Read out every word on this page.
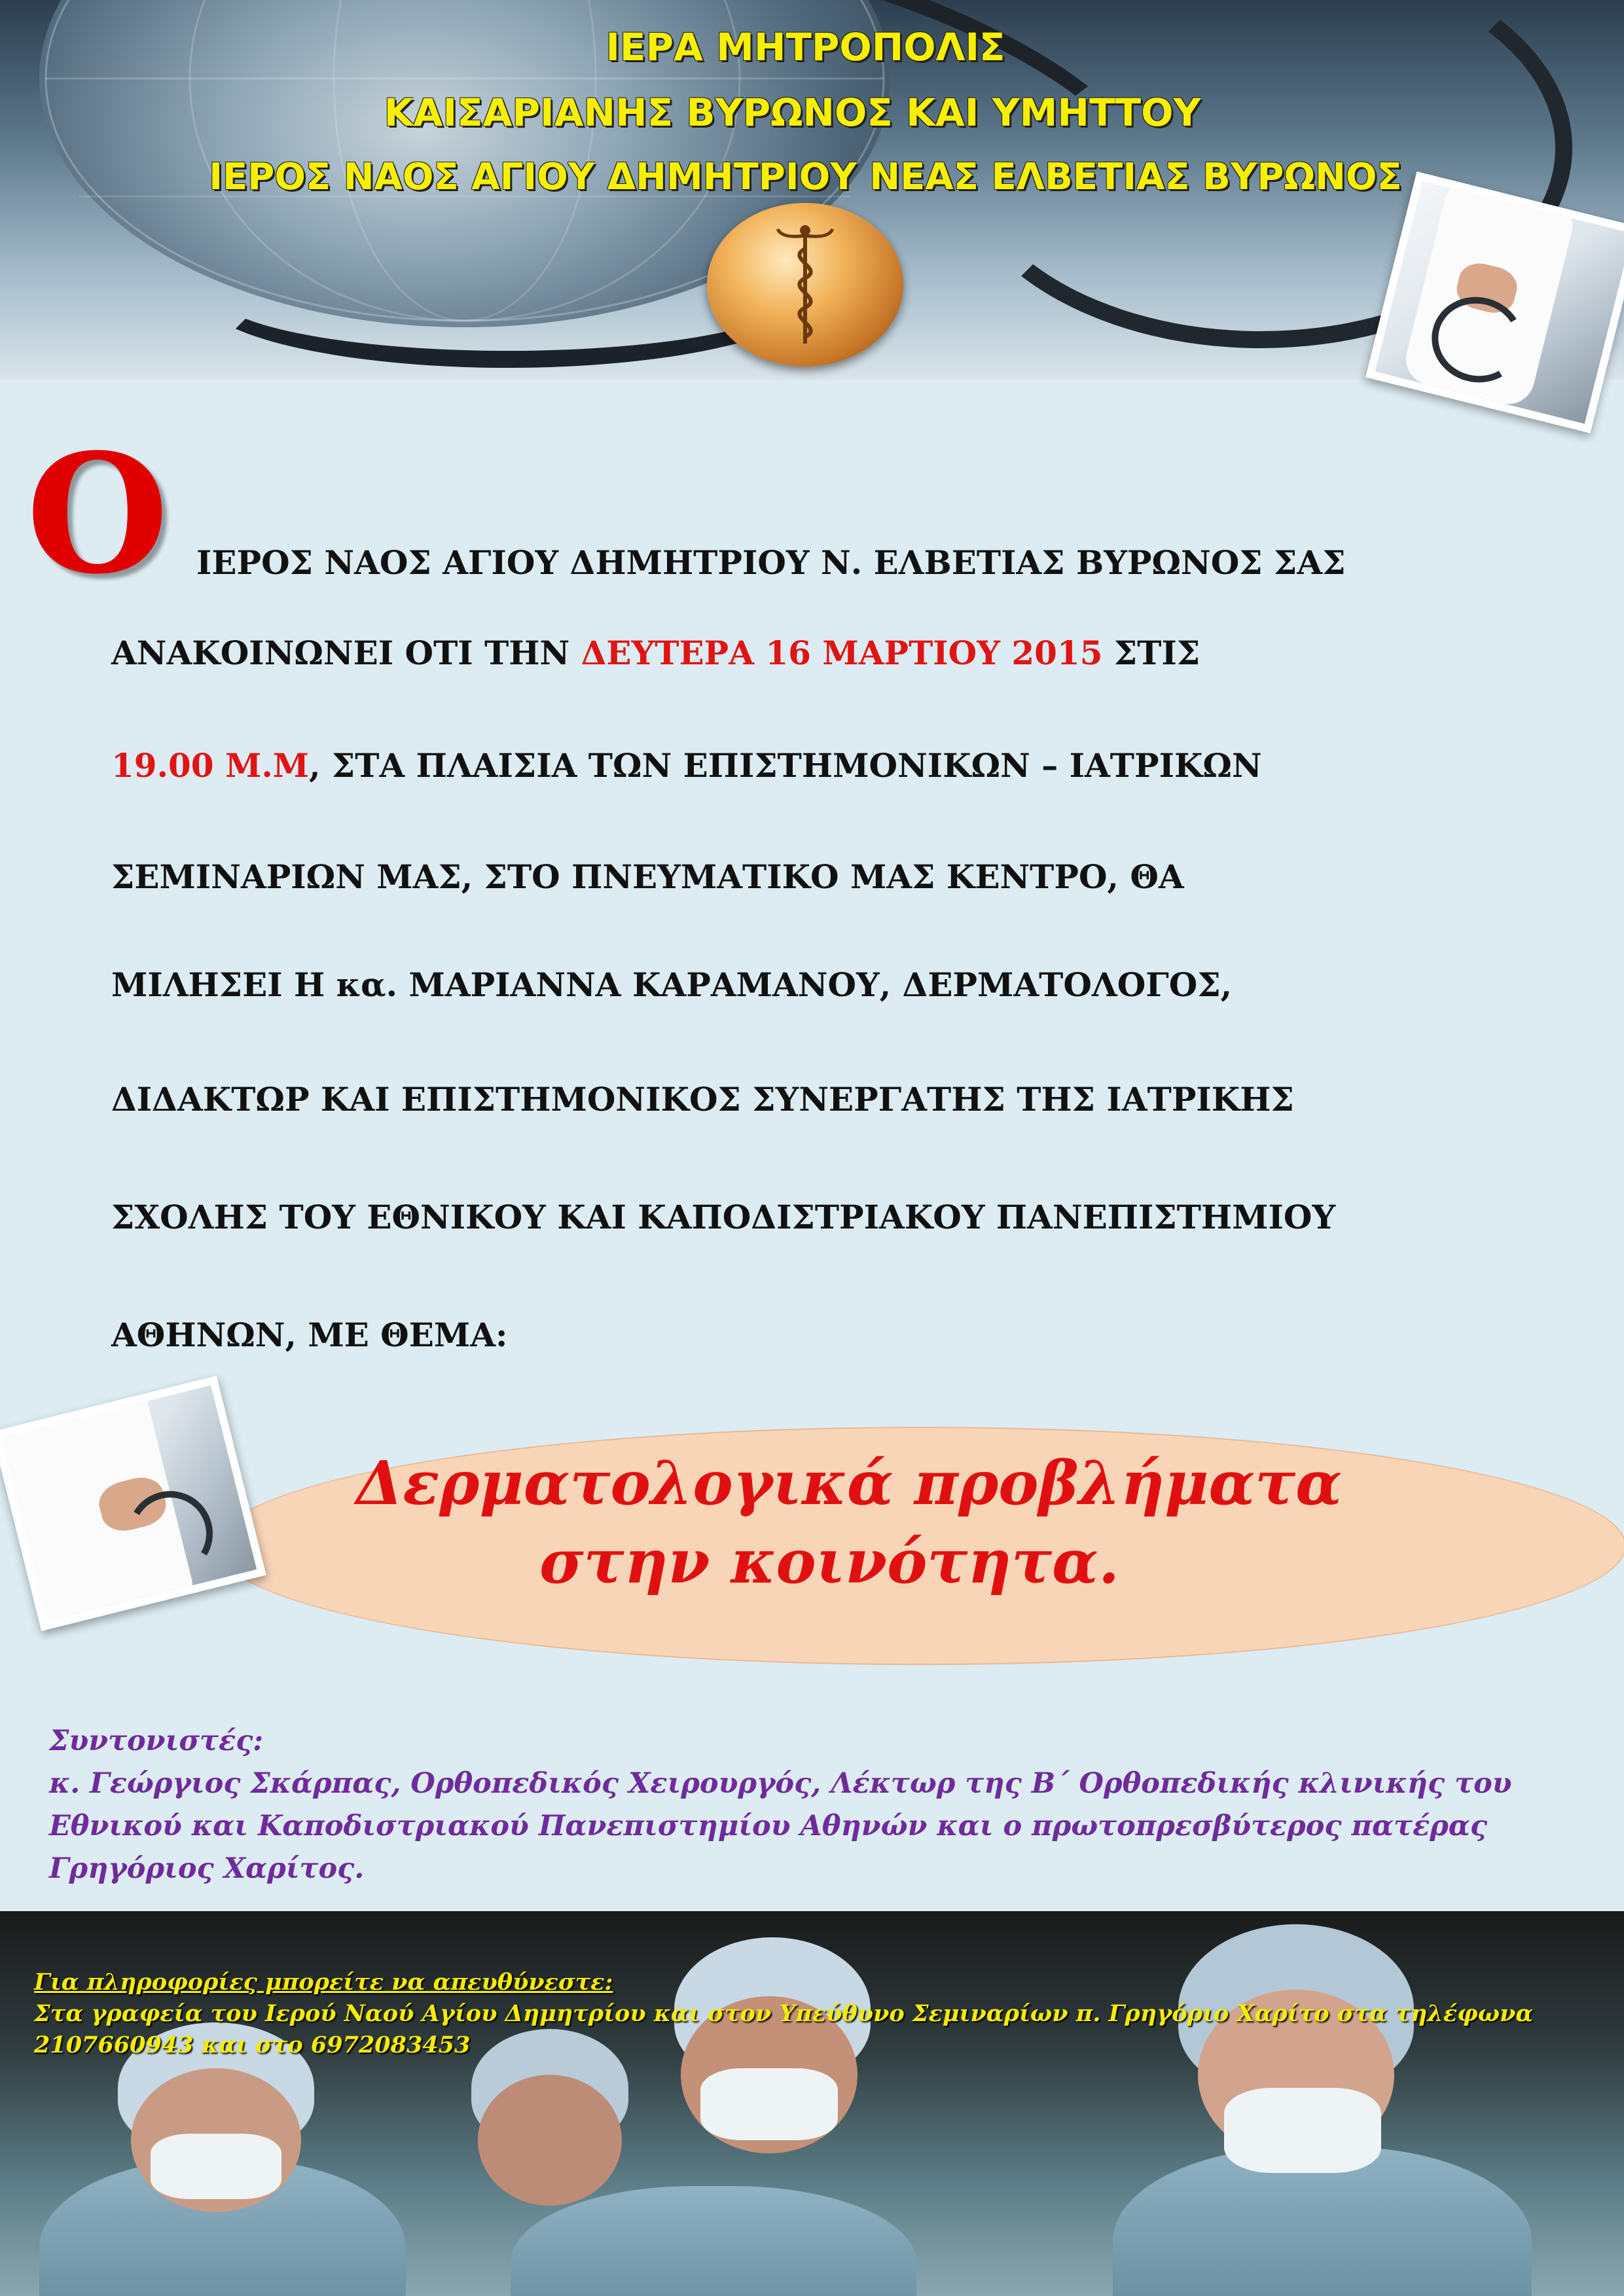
ΙΕΡΑ ΜΗΤΡΟΠΟΛΙΣ
ΚΑΙΣΑΡΙΑΝΗΣ ΒΥΡΩΝΟΣ ΚΑΙ ΥΜΗΤΤΟΥ
ΙΕΡΟΣ ΝΑΟΣ ΑΓΙΟΥ ΔΗΜΗΤΡΙΟΥ ΝΕΑΣ ΕΛΒΕΤΙΑΣ ΒΥΡΩΝΟΣ
Ο ΙΕΡΟΣ ΝΑΟΣ ΑΓΙΟΥ ΔΗΜΗΤΡΙΟΥ Ν. ΕΛΒΕΤΙΑΣ ΒΥΡΩΝΟΣ ΣΑΣ
ΑΝΑΚΟΙΝΩΝΕΙ ΟΤΙ ΤΗΝ ΔΕΥΤΕΡΑ 16 ΜΑΡΤΙΟΥ 2015 ΣΤΙΣ
19.00 Μ.Μ, ΣΤΑ ΠΛΑΙΣΙΑ ΤΩΝ ΕΠΙΣΤΗΜΟΝΙΚΩΝ – ΙΑΤΡΙΚΩΝ
ΣΕΜΙΝΑΡΙΩΝ ΜΑΣ, ΣΤΟ ΠΝΕΥΜΑΤΙΚΟ ΜΑΣ ΚΕΝΤΡΟ, ΘΑ
ΜΙΛΗΣΕΙ Η κα. ΜΑΡΙΑΝΝΑ ΚΑΡΑΜΑΝΟΥ, ΔΕΡΜΑΤΟΛΟΓΟΣ,
ΔΙΔΑΚΤΩΡ ΚΑΙ ΕΠΙΣΤΗΜΟΝΙΚΟΣ ΣΥΝΕΡΓΑΤΗΣ ΤΗΣ ΙΑΤΡΙΚΗΣ
ΣΧΟΛΗΣ ΤΟΥ ΕΘΝΙΚΟΥ ΚΑΙ ΚΑΠΟΔΙΣΤΡΙΑΚΟΥ ΠΑΝΕΠΙΣΤΗΜΙΟΥ
ΑΘΗΝΩΝ, ΜΕ ΘΕΜΑ:
Δερματολογικά προβλήματα
στην κοινότητα.
Συντονιστές:
κ. Γεώργιος Σκάρπας, Ορθοπεδικός Χειρουργός, Λέκτωρ της Β΄ Ορθοπεδικής κλινικής του
Εθνικού και Καποδιστριακού Πανεπιστημίου Αθηνών και ο πρωτοπρεσβύτερος πατέρας
Γρηγόριος Χαρίτος.
Για πληροφορίες μπορείτε να απευθύνεστε:
Στα γραφεία του Ιερού Ναού Αγίου Δημητρίου και στον Υπεύθυνο Σεμιναρίων π. Γρηγόριο Χαρίτο στα τηλέφωνα
2107660943 και στο 6972083453
